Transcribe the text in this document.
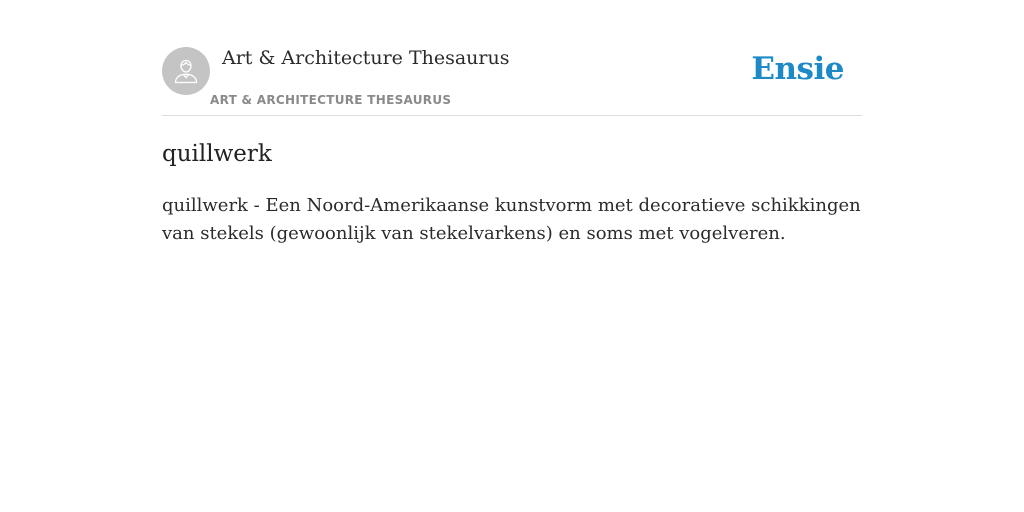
Art & Architecture Thesaurus
ART & ARCHITECTURE THESAURUS
Ensie
quillwerk

quillwerk - Een Noord-Amerikaanse kunstvorm met decoratieve schikkingen van stekels (gewoonlijk van stekelvarkens) en soms met vogelveren.
